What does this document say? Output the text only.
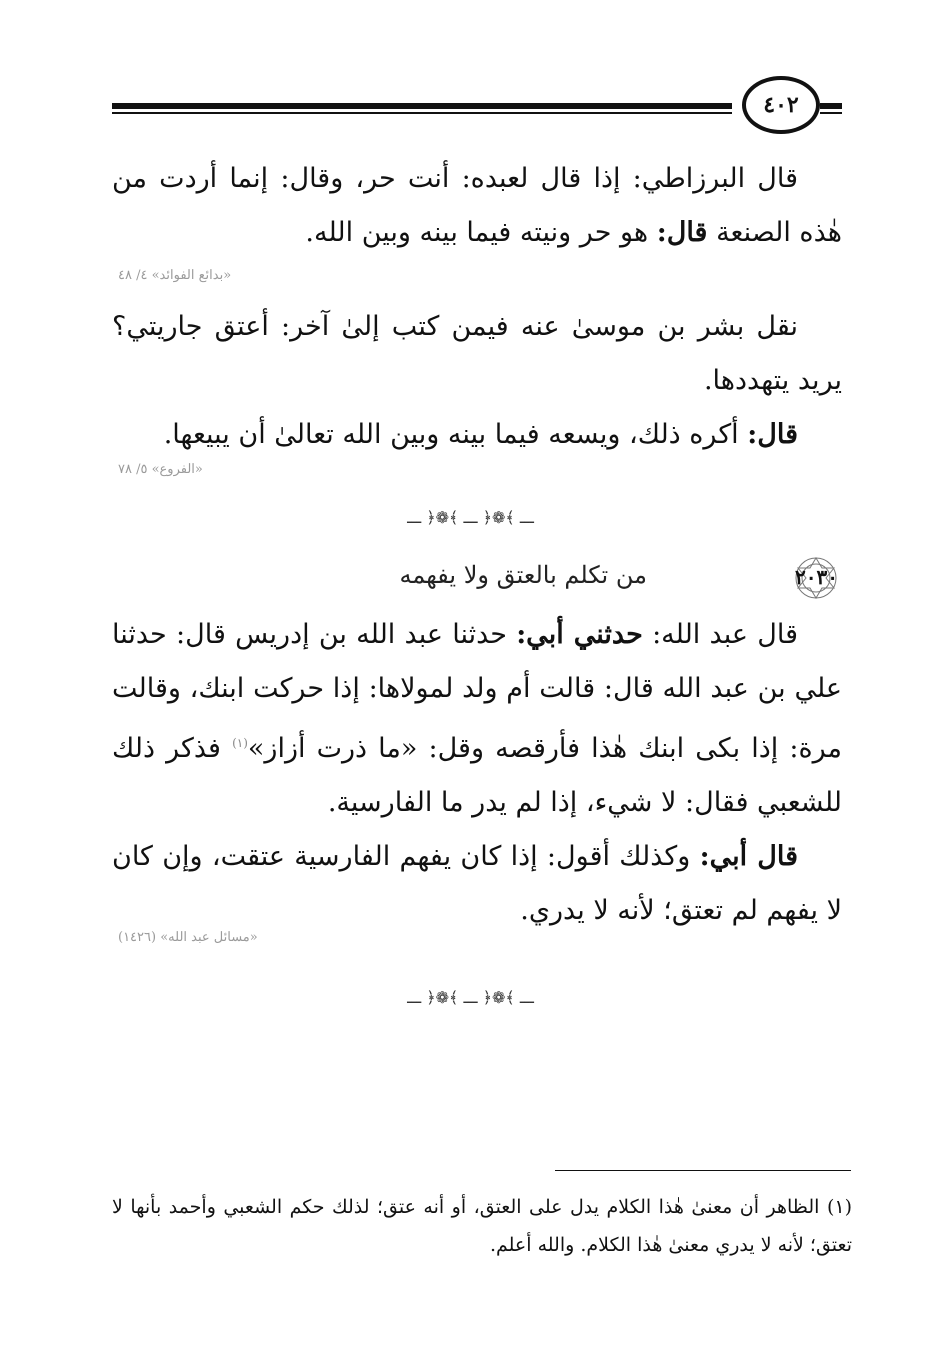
٤٠٢

قال البرزاطي: إذا قال لعبده: أنت حر، وقال: إنما أردت من هٰذه الصنعة قال: هو حر ونيته فيما بينه وبين الله.

«بدائع الفوائد» ٤/ ٤٨

نقل بشر بن موسىٰ عنه فيمن كتب إلىٰ آخر: أعتق جاريتي؟ يريد يتهددها.

قال: أكره ذلك، ويسعه فيما بينه وبين الله تعالىٰ أن يبيعها.

«الفروع» ٥/ ٧٨
ـــ ﴾❁﴿ ـــ ﴾❁﴿ ـــ
٢٠٣٠
من تكلم بالعتق ولا يفهمه

قال عبد الله: حدثني أبي: حدثنا عبد الله بن إدريس قال: حدثنا علي بن عبد الله قال: قالت أم ولد لمولاها: إذا حركت ابنك، وقالت مرة: إذا بكى ابنك هٰذا فأرقصه وقل: «ما ذرت أزاز»$^{(١)}$ فذكر ذلك للشعبي فقال: لا شيء، إذا لم يدر ما الفارسية.

قال أبي: وكذلك أقول: إذا كان يفهم الفارسية عتقت، وإن كان لا يفهم لم تعتق؛ لأنه لا يدري.

«مسائل عبد الله» (١٤٢٦)
ـــ ﴾❁﴿ ـــ ﴾❁﴿ ـــ

(١) الظاهر أن معنىٰ هٰذا الكلام يدل على العتق، أو أنه عتق؛ لذلك حكم الشعبي وأحمد بأنها لا تعتق؛ لأنه لا يدري معنىٰ هٰذا الكلام. والله أعلم.
